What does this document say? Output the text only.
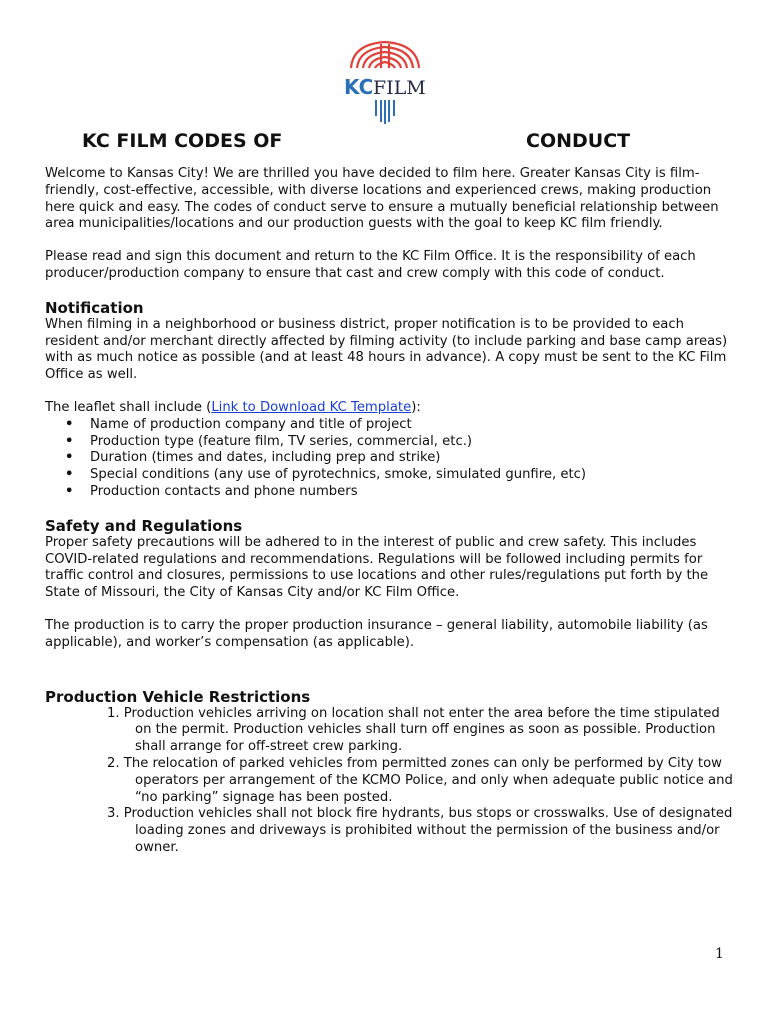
KC FILM
KC FILM CODES OF	CONDUCT

Welcome to Kansas City! We are thrilled you have decided to film here. Greater Kansas City is film-friendly, cost-effective, accessible, with diverse locations and experienced crews, making production here quick and easy. The codes of conduct serve to ensure a mutually beneficial relationship between area municipalities/locations and our production guests with the goal to keep KC film friendly.

Please read and sign this document and return to the KC Film Office. It is the responsibility of each producer/production company to ensure that cast and crew comply with this code of conduct.

Notification

When filming in a neighborhood or business district, proper notification is to be provided to each resident and/or merchant directly affected by filming activity (to include parking and base camp areas) with as much notice as possible (and at least 48 hours in advance). A copy must be sent to the KC Film Office as well.

The leaflet shall include (Link to Download KC Template):

• Name of production company and title of project
• Production type (feature film, TV series, commercial, etc.)
• Duration (times and dates, including prep and strike)
• Special conditions (any use of pyrotechnics, smoke, simulated gunfire, etc)
• Production contacts and phone numbers
Safety and Regulations

Proper safety precautions will be adhered to in the interest of public and crew safety. This includes COVID-related regulations and recommendations. Regulations will be followed including permits for traffic control and closures, permissions to use locations and other rules/regulations put forth by the State of Missouri, the City of Kansas City and/or KC Film Office.

The production is to carry the proper production insurance – general liability, automobile liability (as applicable), and worker’s compensation (as applicable).

Production Vehicle Restrictions
1. Production vehicles arriving on location shall not enter the area before the time stipulated on the permit. Production vehicles shall turn off engines as soon as possible. Production shall arrange for off-street crew parking.
2. The relocation of parked vehicles from permitted zones can only be performed by City tow operators per arrangement of the KCMO Police, and only when adequate public notice and “no parking” signage has been posted.
3. Production vehicles shall not block fire hydrants, bus stops or crosswalks. Use of designated loading zones and driveways is prohibited without the permission of the business and/or owner.
1
